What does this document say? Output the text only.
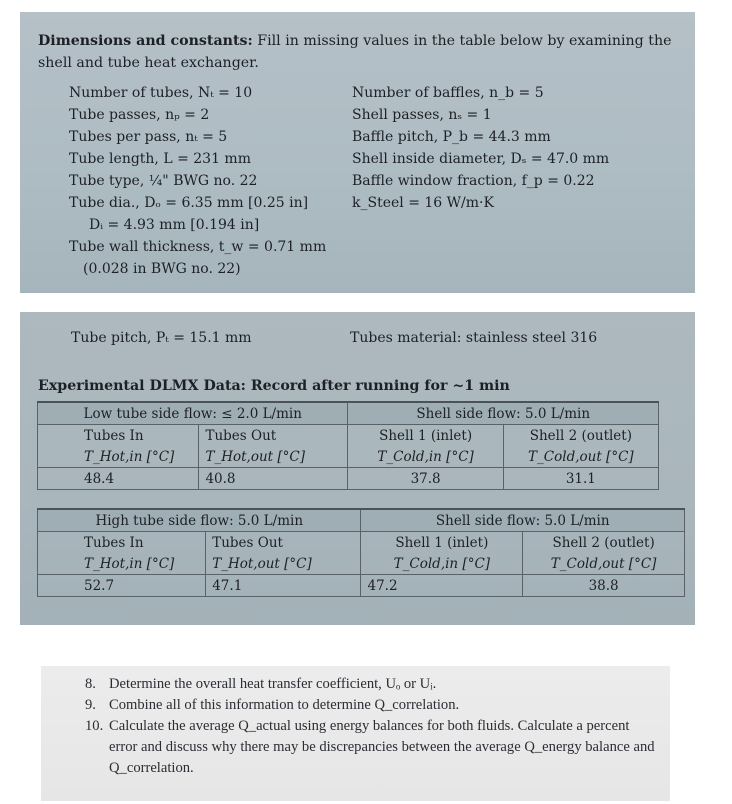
Dimensions and constants: Fill in missing values in the table below by examining the shell and tube heat exchanger.
Number of tubes, Nₜ = 10
Tube passes, nₚ = 2
Tubes per pass, nₜ = 5
Tube length, L = 231 mm
Tube type, ¼" BWG no. 22
Tube dia., Dₒ = 6.35 mm [0.25 in]
Dᵢ = 4.93 mm [0.194 in]
Tube wall thickness, t_w = 0.71 mm
(0.028 in BWG no. 22)
Number of baffles, n_b = 5
Shell passes, nₛ = 1
Baffle pitch, P_b = 44.3 mm
Shell inside diameter, Dₛ = 47.0 mm
Baffle window fraction, f_p = 0.22
k_Steel = 16 W/m·K
Tube pitch, Pₜ = 15.1 mm	Tubes material: stainless steel 316
Experimental DLMX Data: Record after running for ~1 min
Low tube side flow: ≤ 2.0 L/min		Shell side flow: 5.0 L/min	
Tubes In	Tubes Out	Shell 1 (inlet)	Shell 2 (outlet)
T_Hot,in [°C]	T_Hot,out [°C]	T_Cold,in [°C]	T_Cold,out [°C]
48.4	40.8	37.8	31.1
High tube side flow: 5.0 L/min		Shell side flow: 5.0 L/min	
Tubes In	Tubes Out	Shell 1 (inlet)	Shell 2 (outlet)
T_Hot,in [°C]	T_Hot,out [°C]	T_Cold,in [°C]	T_Cold,out [°C]
52.7	47.1	47.2	38.8
8. Determine the overall heat transfer coefficient, Uₒ or Uᵢ.
9. Combine all of this information to determine Q_correlation.
10. Calculate the average Q_actual using energy balances for both fluids. Calculate a percent error and discuss why there may be discrepancies between the average Q_energy balance and Q_correlation.
